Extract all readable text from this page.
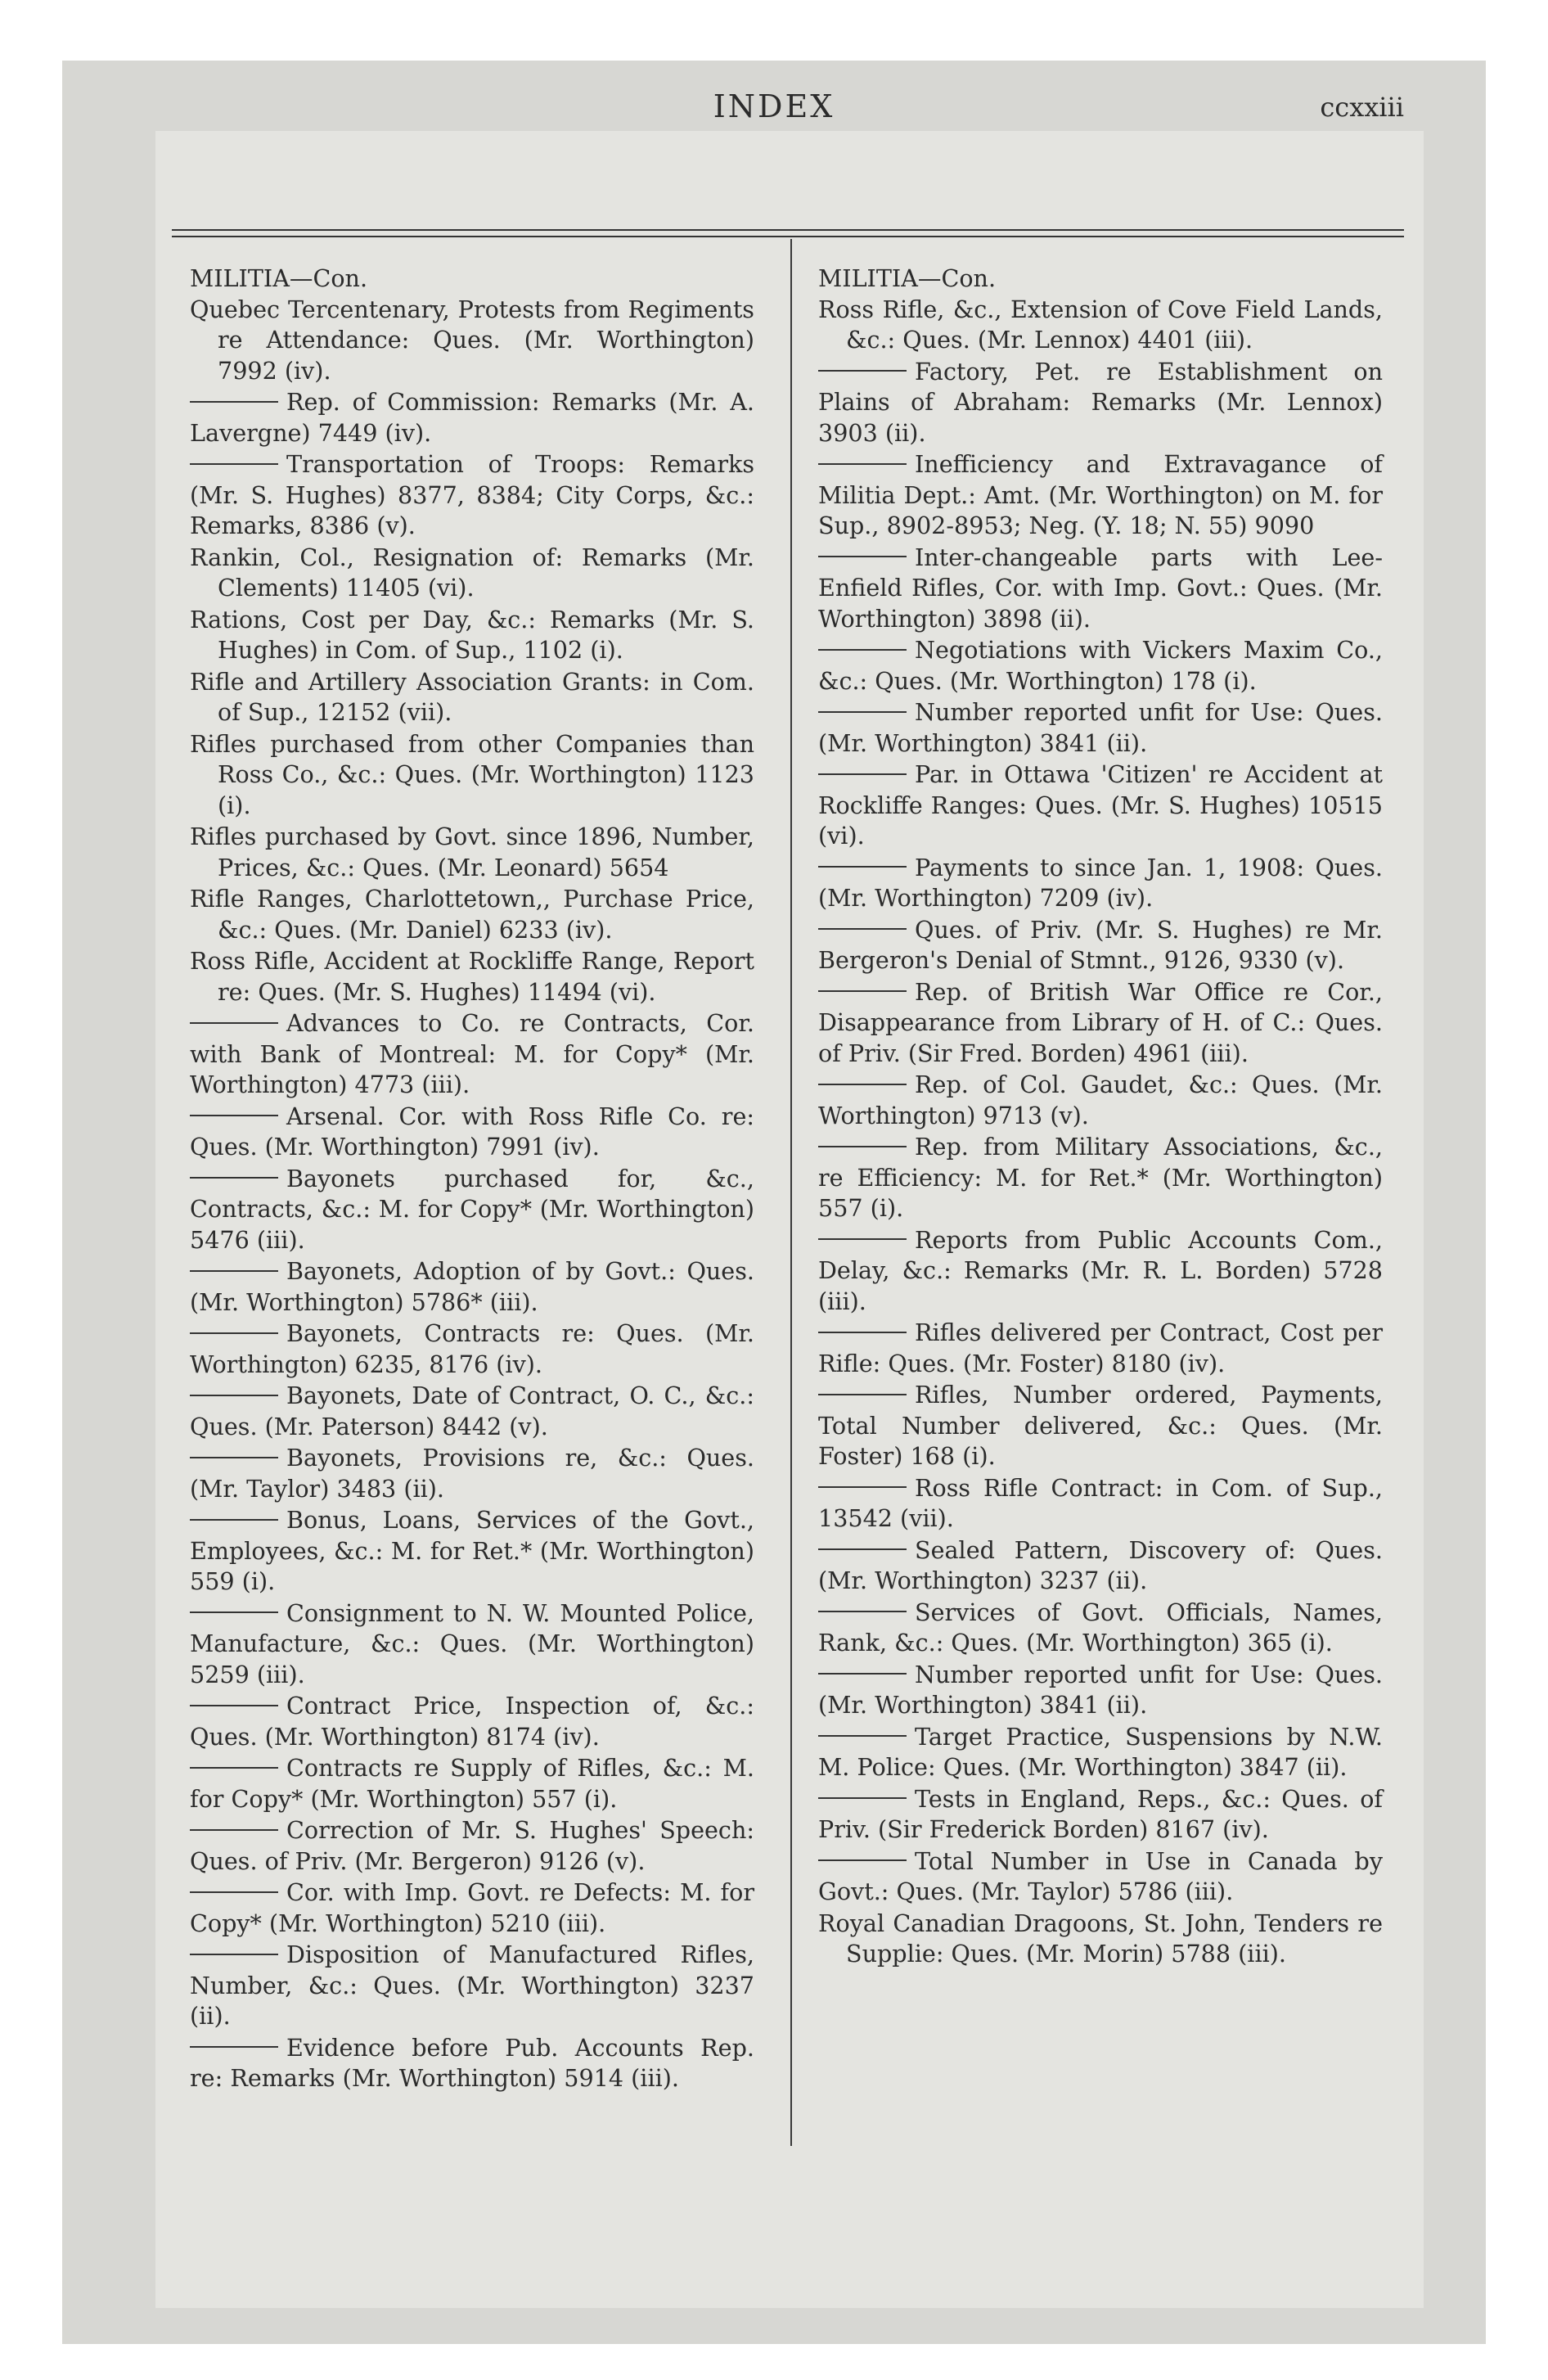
INDEX	ccxxiii
MILITIA—Con.
Quebec Tercentenary, Protests from Regiments re Attendance: Ques. (Mr. Worthington) 7992 (iv).
Rep. of Commission: Remarks (Mr. A. Lavergne) 7449 (iv).
Transportation of Troops: Remarks (Mr. S. Hughes) 8377, 8384; City Corps, &c.: Remarks, 8386 (v).
Rankin, Col., Resignation of: Remarks (Mr. Clements) 11405 (vi).
Rations, Cost per Day, &c.: Remarks (Mr. S. Hughes) in Com. of Sup., 1102 (i).
Rifle and Artillery Association Grants: in Com. of Sup., 12152 (vii).
Rifles purchased from other Companies than Ross Co., &c.: Ques. (Mr. Worthington) 1123 (i).
Rifles purchased by Govt. since 1896, Number, Prices, &c.: Ques. (Mr. Leonard) 5654
Rifle Ranges, Charlottetown,, Purchase Price, &c.: Ques. (Mr. Daniel) 6233 (iv).
Ross Rifle, Accident at Rockliffe Range, Report re: Ques. (Mr. S. Hughes) 11494 (vi).
Advances to Co. re Contracts, Cor. with Bank of Montreal: M. for Copy* (Mr. Worthington) 4773 (iii).
Arsenal. Cor. with Ross Rifle Co. re: Ques. (Mr. Worthington) 7991 (iv).
Bayonets purchased for, &c., Contracts, &c.: M. for Copy* (Mr. Worthington) 5476 (iii).
Bayonets, Adoption of by Govt.: Ques. (Mr. Worthington) 5786* (iii).
Bayonets, Contracts re: Ques. (Mr. Worthington) 6235, 8176 (iv).
Bayonets, Date of Contract, O. C., &c.: Ques. (Mr. Paterson) 8442 (v).
Bayonets, Provisions re, &c.: Ques. (Mr. Taylor) 3483 (ii).
Bonus, Loans, Services of the Govt., Employees, &c.: M. for Ret.* (Mr. Worthington) 559 (i).
Consignment to N. W. Mounted Police, Manufacture, &c.: Ques. (Mr. Worthington) 5259 (iii).
Contract Price, Inspection of, &c.: Ques. (Mr. Worthington) 8174 (iv).
Contracts re Supply of Rifles, &c.: M. for Copy* (Mr. Worthington) 557 (i).
Correction of Mr. S. Hughes' Speech: Ques. of Priv. (Mr. Bergeron) 9126 (v).
Cor. with Imp. Govt. re Defects: M. for Copy* (Mr. Worthington) 5210 (iii).
Disposition of Manufactured Rifles, Number, &c.: Ques. (Mr. Worthington) 3237 (ii).
Evidence before Pub. Accounts Rep. re: Remarks (Mr. Worthington) 5914 (iii).
MILITIA—Con.
Ross Rifle, &c., Extension of Cove Field Lands, &c.: Ques. (Mr. Lennox) 4401 (iii).
Factory, Pet. re Establishment on Plains of Abraham: Remarks (Mr. Lennox) 3903 (ii).
Inefficiency and Extravagance of Militia Dept.: Amt. (Mr. Worthington) on M. for Sup., 8902-8953; Neg. (Y. 18; N. 55) 9090
Inter-changeable parts with Lee-Enfield Rifles, Cor. with Imp. Govt.: Ques. (Mr. Worthington) 3898 (ii).
Negotiations with Vickers Maxim Co., &c.: Ques. (Mr. Worthington) 178 (i).
Number reported unfit for Use: Ques. (Mr. Worthington) 3841 (ii).
Par. in Ottawa 'Citizen' re Accident at Rockliffe Ranges: Ques. (Mr. S. Hughes) 10515 (vi).
Payments to since Jan. 1, 1908: Ques. (Mr. Worthington) 7209 (iv).
Ques. of Priv. (Mr. S. Hughes) re Mr. Bergeron's Denial of Stmnt., 9126, 9330 (v).
Rep. of British War Office re Cor., Disappearance from Library of H. of C.: Ques. of Priv. (Sir Fred. Borden) 4961 (iii).
Rep. of Col. Gaudet, &c.: Ques. (Mr. Worthington) 9713 (v).
Rep. from Military Associations, &c., re Efficiency: M. for Ret.* (Mr. Worthington) 557 (i).
Reports from Public Accounts Com., Delay, &c.: Remarks (Mr. R. L. Borden) 5728 (iii).
Rifles delivered per Contract, Cost per Rifle: Ques. (Mr. Foster) 8180 (iv).
Rifles, Number ordered, Payments, Total Number delivered, &c.: Ques. (Mr. Foster) 168 (i).
Ross Rifle Contract: in Com. of Sup., 13542 (vii).
Sealed Pattern, Discovery of: Ques. (Mr. Worthington) 3237 (ii).
Services of Govt. Officials, Names, Rank, &c.: Ques. (Mr. Worthington) 365 (i).
Number reported unfit for Use: Ques. (Mr. Worthington) 3841 (ii).
Target Practice, Suspensions by N.W. M. Police: Ques. (Mr. Worthington) 3847 (ii).
Tests in England, Reps., &c.: Ques. of Priv. (Sir Frederick Borden) 8167 (iv).
Total Number in Use in Canada by Govt.: Ques. (Mr. Taylor) 5786 (iii).
Royal Canadian Dragoons, St. John, Tenders re Supplie: Ques. (Mr. Morin) 5788 (iii).
